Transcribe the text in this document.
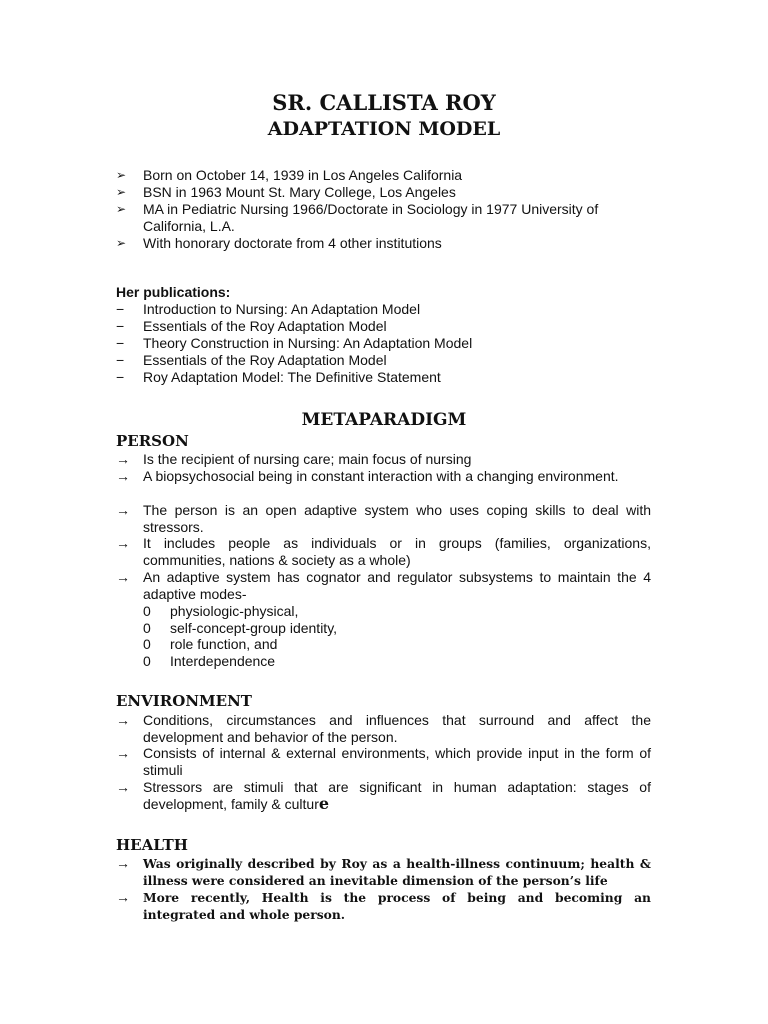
SR. CALLISTA ROY
ADAPTATION MODEL
➢ Born on October 14, 1939 in Los Angeles California
➢ BSN in 1963 Mount St. Mary College, Los Angeles
➢ MA in Pediatric Nursing 1966/Doctorate in Sociology in 1977 University of California, L.A.
➢ With honorary doctorate from 4 other institutions
Her publications:
− Introduction to Nursing: An Adaptation Model
− Essentials of the Roy Adaptation Model
− Theory Construction in Nursing: An Adaptation Model
− Essentials of the Roy Adaptation Model
− Roy Adaptation Model: The Definitive Statement
METAPARADIGM
PERSON
→ Is the recipient of nursing care; main focus of nursing
→ A biopsychosocial being in constant interaction with a changing environment.
→ The person is an open adaptive system who uses coping skills to deal with stressors.
→ It includes people as individuals or in groups (families, organizations, communities, nations & society as a whole)
→ An adaptive system has cognator and regulator subsystems to maintain the 4 adaptive modes-
0 physiologic-physical,
0 self-concept-group identity,
0 role function, and
0 Interdependence
ENVIRONMENT
→ Conditions, circumstances and influences that surround and affect the development and behavior of the person.
→ Consists of internal & external environments, which provide input in the form of stimuli
→ Stressors are stimuli that are significant in human adaptation: stages of development, family & culture
HEALTH
→ Was originally described by Roy as a health-illness continuum; health & illness were considered an inevitable dimension of the person’s life
→ More recently, Health is the process of being and becoming an integrated and whole person.
